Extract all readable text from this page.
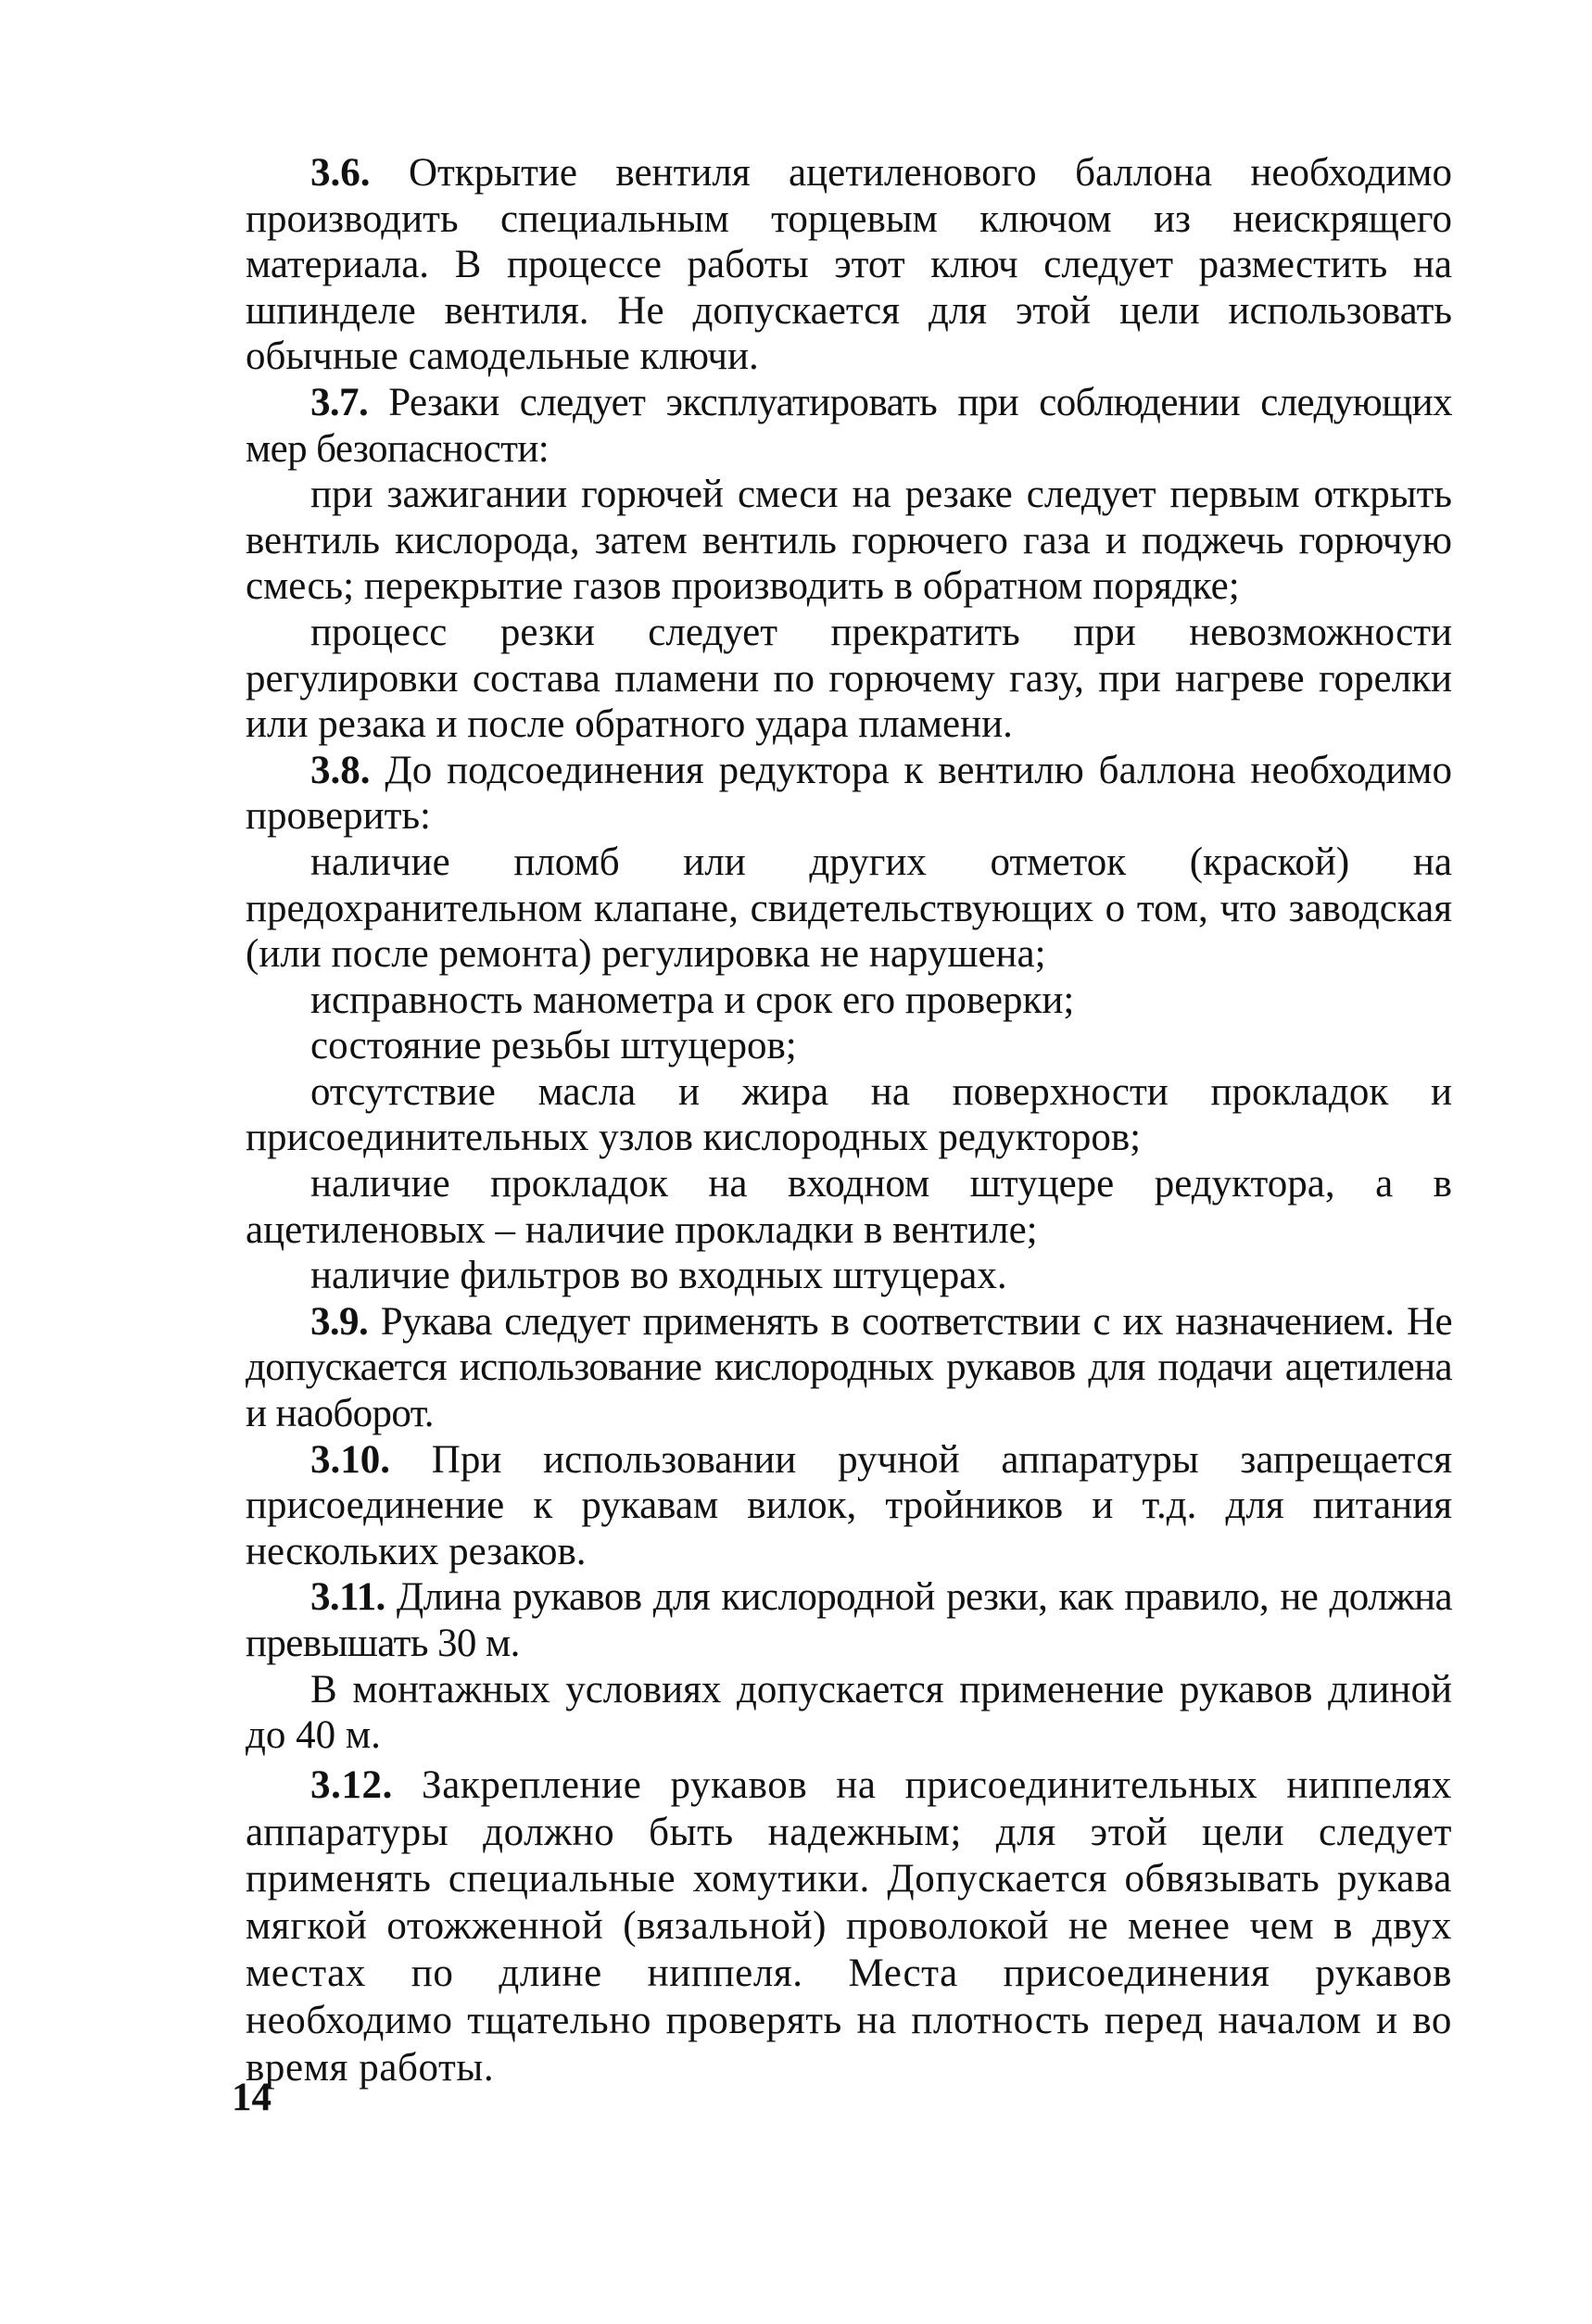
3.6. Открытие вентиля ацетиленового баллона необходимо производить специальным торцевым ключом из неискрящего материала. В процессе работы этот ключ следует разместить на шпинделе вентиля. Не допускается для этой цели использовать обычные самодельные ключи.

3.7. Резаки следует эксплуатировать при соблюдении следующих мер безопасности:

при зажигании горючей смеси на резаке следует первым открыть вентиль кислорода, затем вентиль горючего газа и поджечь горючую смесь; перекрытие газов производить в обратном порядке;

процесс резки следует прекратить при невозможности регулировки состава пламени по горючему газу, при нагреве горелки или резака и после обратного удара пламени.

3.8. До подсоединения редуктора к вентилю баллона необходимо проверить:

наличие пломб или других отметок (краской) на предохранительном клапане, свидетельствующих о том, что заводская (или после ремонта) регулировка не нарушена;

исправность манометра и срок его проверки;

состояние резьбы штуцеров;

отсутствие масла и жира на поверхности прокладок и присоединительных узлов кислородных редукторов;

наличие прокладок на входном штуцере редуктора, а в ацетиленовых – наличие прокладки в вентиле;

наличие фильтров во входных штуцерах.

3.9. Рукава следует применять в соответствии с их назначением. Не допускается использование кислородных рукавов для подачи ацетилена и наоборот.

3.10. При использовании ручной аппаратуры запрещается присоединение к рукавам вилок, тройников и т.д. для питания нескольких резаков.

3.11. Длина рукавов для кислородной резки, как правило, не должна превышать 30 м.

В монтажных условиях допускается применение рукавов длиной до 40 м.

3.12. Закрепление рукавов на присоединительных ниппелях аппаратуры должно быть надежным; для этой цели следует применять специальные хомутики. Допускается обвязывать рукава мягкой отожженной (вязальной) проволокой не менее чем в двух местах по длине ниппеля. Места присоединения рукавов необходимо тщательно проверять на плотность перед началом и во время работы.

14
